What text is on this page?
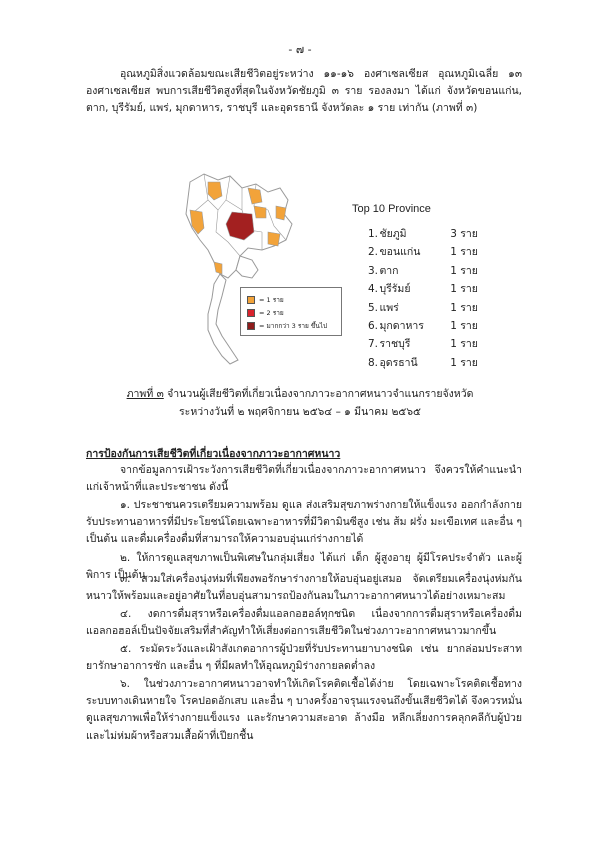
- ๗ -
อุณหภูมิสิ่งแวดล้อมขณะเสียชีวิตอยู่ระหว่าง ๑๑-๑๖ องศาเซลเซียส อุณหภูมิเฉลี่ย ๑๓ องศาเซลเซียส พบการเสียชีวิตสูงที่สุดในจังหวัดชัยภูมิ ๓ ราย รองลงมา ได้แก่ จังหวัดขอนแก่น, ตาก, บุรีรัมย์, แพร่, มุกดาหาร, ราชบุรี และอุดรธานี จังหวัดละ ๑ ราย เท่ากัน (ภาพที่ ๓)
= 1 ราย
= 2 ราย
= มากกว่า 3 ราย ขึ้นไป
Top 10 Province
1. ชัยภูมิ	3 ราย
2. ขอนแก่น	1 ราย
3. ตาก	1 ราย
4. บุรีรัมย์	1 ราย
5. แพร่	1 ราย
6. มุกดาหาร	1 ราย
7. ราชบุรี	1 ราย
8. อุดรธานี	1 ราย
ภาพที่ ๓ จำนวนผู้เสียชีวิตที่เกี่ยวเนื่องจากภาวะอากาศหนาวจำแนกรายจังหวัด
ระหว่างวันที่ ๒ พฤศจิกายน ๒๕๖๔ – ๑ มีนาคม ๒๕๖๕
การป้องกันการเสียชีวิตที่เกี่ยวเนื่องจากภาวะอากาศหนาว
จากข้อมูลการเฝ้าระวังการเสียชีวิตที่เกี่ยวเนื่องจากภาวะอากาศหนาว จึงควรให้คำแนะนำแก่เจ้าหน้าที่และประชาชน ดังนี้
๑. ประชาชนควรเตรียมความพร้อม ดูแล ส่งเสริมสุขภาพร่างกายให้แข็งแรง ออกกำลังกาย รับประทานอาหารที่มีประโยชน์โดยเฉพาะอาหารที่มีวิตามินซีสูง เช่น ส้ม ฝรั่ง มะเขือเทศ และอื่น ๆ เป็นต้น และดื่มเครื่องดื่มที่สามารถให้ความอบอุ่นแก่ร่างกายได้
๒. ให้การดูแลสุขภาพเป็นพิเศษในกลุ่มเสี่ยง ได้แก่ เด็ก ผู้สูงอายุ ผู้มีโรคประจำตัว และผู้พิการ เป็นต้น
๓. สวมใส่เครื่องนุ่งห่มที่เพียงพอรักษาร่างกายให้อบอุ่นอยู่เสมอ จัดเตรียมเครื่องนุ่งห่มกันหนาวให้พร้อมและอยู่อาศัยในที่อบอุ่นสามารถป้องกันลมในภาวะอากาศหนาวได้อย่างเหมาะสม
๔. งดการดื่มสุราหรือเครื่องดื่มแอลกอฮอล์ทุกชนิด เนื่องจากการดื่มสุราหรือเครื่องดื่มแอลกอฮอล์เป็นปัจจัยเสริมที่สำคัญทำให้เสี่ยงต่อการเสียชีวิตในช่วงภาวะอากาศหนาวมากขึ้น
๕. ระมัดระวังและเฝ้าสังเกตอาการผู้ป่วยที่รับประทานยาบางชนิด เช่น ยากล่อมประสาท ยารักษาอาการชัก และอื่น ๆ ที่มีผลทำให้อุณหภูมิร่างกายลดต่ำลง
๖. ในช่วงภาวะอากาศหนาวอาจทำให้เกิดโรคติดเชื้อได้ง่าย โดยเฉพาะโรคติดเชื้อทางระบบทางเดินหายใจ โรคปอดอักเสบ และอื่น ๆ บางครั้งอาจรุนแรงจนถึงขั้นเสียชีวิตได้ จึงควรหมั่นดูแลสุขภาพเพื่อให้ร่างกายแข็งแรง และรักษาความสะอาด ล้างมือ หลีกเลี่ยงการคลุกคลีกับผู้ป่วย และไม่ห่มผ้าหรือสวมเสื้อผ้าที่เปียกชื้น
